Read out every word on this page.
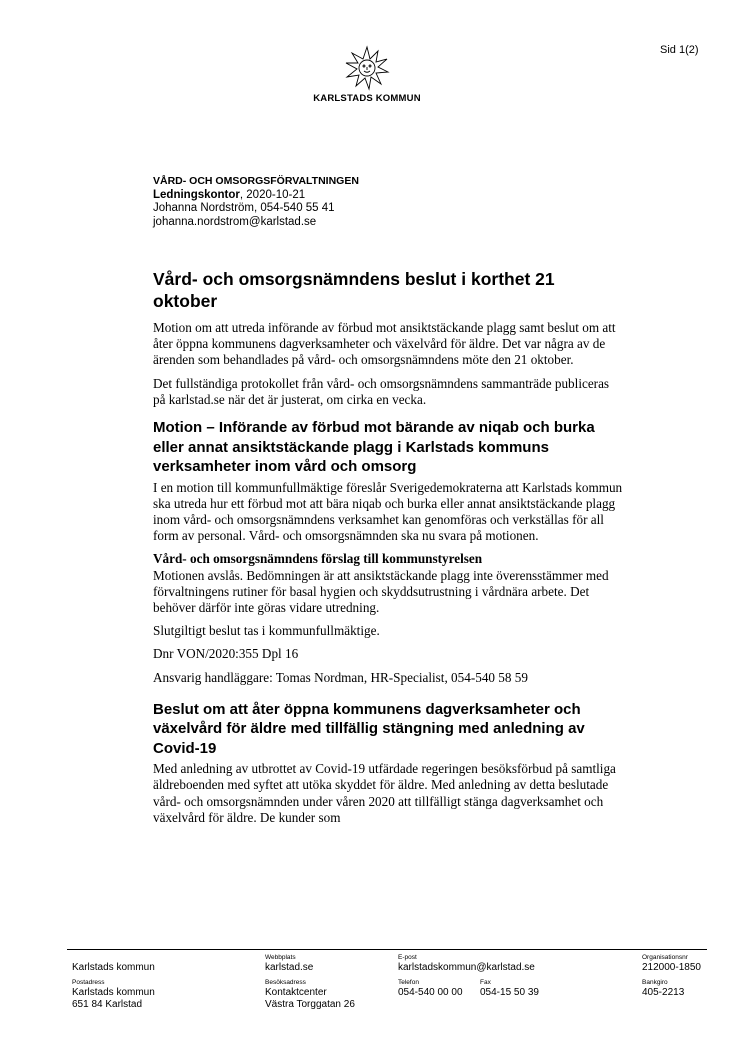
Sid 1(2)
KARLSTADS KOMMUN
VÅRD- OCH OMSORGSFÖRVALTNINGEN
Ledningskontor, 2020-10-21
Johanna Nordström, 054-540 55 41
johanna.nordstrom@karlstad.se
Vård- och omsorgsnämndens beslut i korthet 21 oktober

Motion om att utreda införande av förbud mot ansiktstäckande plagg samt beslut om att åter öppna kommunens dagverksamheter och växelvård för äldre. Det var några av de ärenden som behandlades på vård- och omsorgsnämndens möte den 21 oktober.

Det fullständiga protokollet från vård- och omsorgsnämndens sammanträde publiceras på karlstad.se när det är justerat, om cirka en vecka.

Motion – Införande av förbud mot bärande av niqab och burka eller annat ansiktstäckande plagg i Karlstads kommuns verksamheter inom vård och omsorg

I en motion till kommunfullmäktige föreslår Sverigedemokraterna att Karlstads kommun ska utreda hur ett förbud mot att bära niqab och burka eller annat ansiktstäckande plagg inom vård- och omsorgsnämndens verksamhet kan genomföras och verkställas för all form av personal. Vård- och omsorgsnämnden ska nu svara på motionen.

Vård- och omsorgsnämndens förslag till kommunstyrelsen
Motionen avslås. Bedömningen är att ansiktstäckande plagg inte överensstämmer med förvaltningens rutiner för basal hygien och skyddsutrustning i vårdnära arbete. Det behöver därför inte göras vidare utredning.

Slutgiltigt beslut tas i kommunfullmäktige.

Dnr VON/2020:355 Dpl 16

Ansvarig handläggare: Tomas Nordman, HR-Specialist, 054-540 58 59

Beslut om att åter öppna kommunens dagverksamheter och växelvård för äldre med tillfällig stängning med anledning av Covid-19

Med anledning av utbrottet av Covid-19 utfärdade regeringen besöksförbud på samtliga äldreboenden med syftet att utöka skyddet för äldre. Med anledning av detta beslutade vård- och omsorgsnämnden under våren 2020 att tillfälligt stänga dagverksamhet och växelvård för äldre. De kunder som

Karlstads kommun
Webbplats
karlstad.se
E-post
karlstadskommun@karlstad.se
Organisationsnr
212000-1850
Postadress
Karlstads kommun
651 84 Karlstad
Besöksadress
Kontaktcenter
Västra Torggatan 26
Telefon
054-540 00 00
Fax
054-15 50 39
Bankgiro
405-2213
